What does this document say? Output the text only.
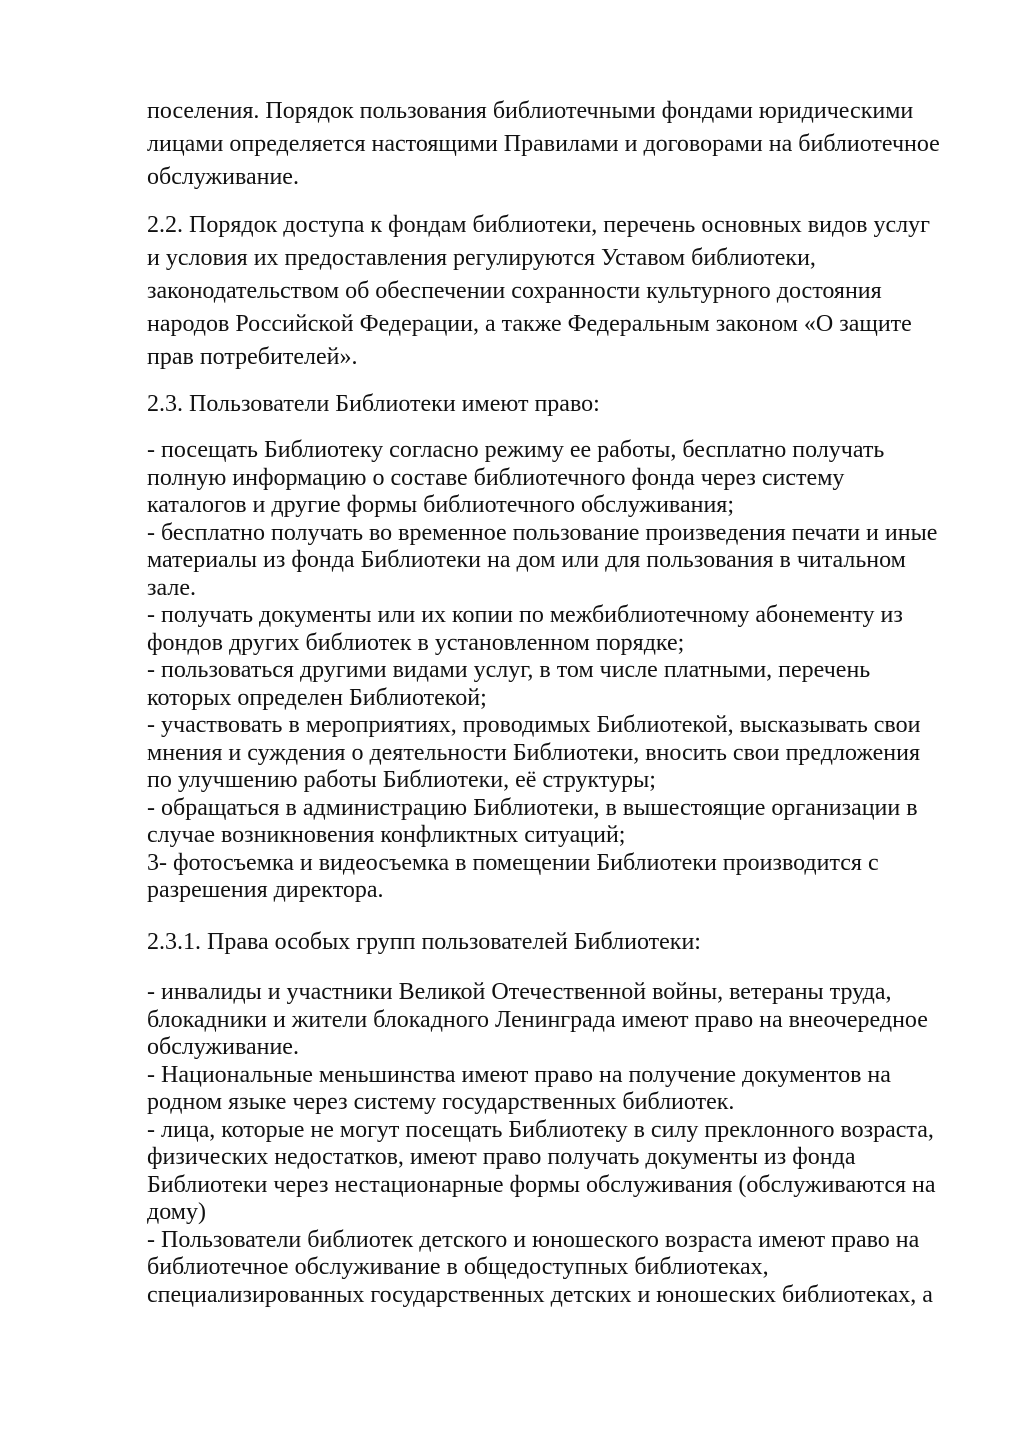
поселения. Порядок пользования библиотечными фондами юридическими
лицами определяется настоящими Правилами и договорами на библиотечное
обслуживание.
2.2. Порядок доступа к фондам библиотеки, перечень основных видов услуг
и условия их предоставления регулируются Уставом библиотеки,
законодательством об обеспечении сохранности культурного достояния
народов Российской Федерации, а также Федеральным законом «О защите
прав потребителей».
2.3. Пользователи Библиотеки имеют право:
- посещать Библиотеку согласно режиму ее работы, бесплатно получать
полную информацию о составе библиотечного фонда через систему
каталогов и другие формы библиотечного обслуживания;
- бесплатно получать во временное пользование произведения печати и иные
материалы из фонда Библиотеки на дом или для пользования в читальном
зале.
- получать документы или их копии по межбиблиотечному абонементу из
фондов других библиотек в установленном порядке;
- пользоваться другими видами услуг, в том числе платными, перечень
которых определен Библиотекой;
- участвовать в мероприятиях, проводимых Библиотекой, высказывать свои
мнения и суждения о деятельности Библиотеки, вносить свои предложения
по улучшению работы Библиотеки, её структуры;
- обращаться в администрацию Библиотеки, в вышестоящие организации в
случае возникновения конфликтных ситуаций;
3- фотосъемка и видеосъемка в помещении Библиотеки производится с
разрешения директора.
2.3.1. Права особых групп пользователей Библиотеки:
- инвалиды и участники Великой Отечественной войны, ветераны труда,
блокадники и жители блокадного Ленинграда имеют право на внеочередное
обслуживание.
- Национальные меньшинства имеют право на получение документов на
родном языке через систему государственных библиотек.
- лица, которые не могут посещать Библиотеку в силу преклонного возраста,
физических недостатков, имеют право получать документы из фонда
Библиотеки через нестационарные формы обслуживания (обслуживаются на
дому)
- Пользователи библиотек детского и юношеского возраста имеют право на
библиотечное обслуживание в общедоступных библиотеках,
специализированных государственных детских и юношеских библиотеках, а
